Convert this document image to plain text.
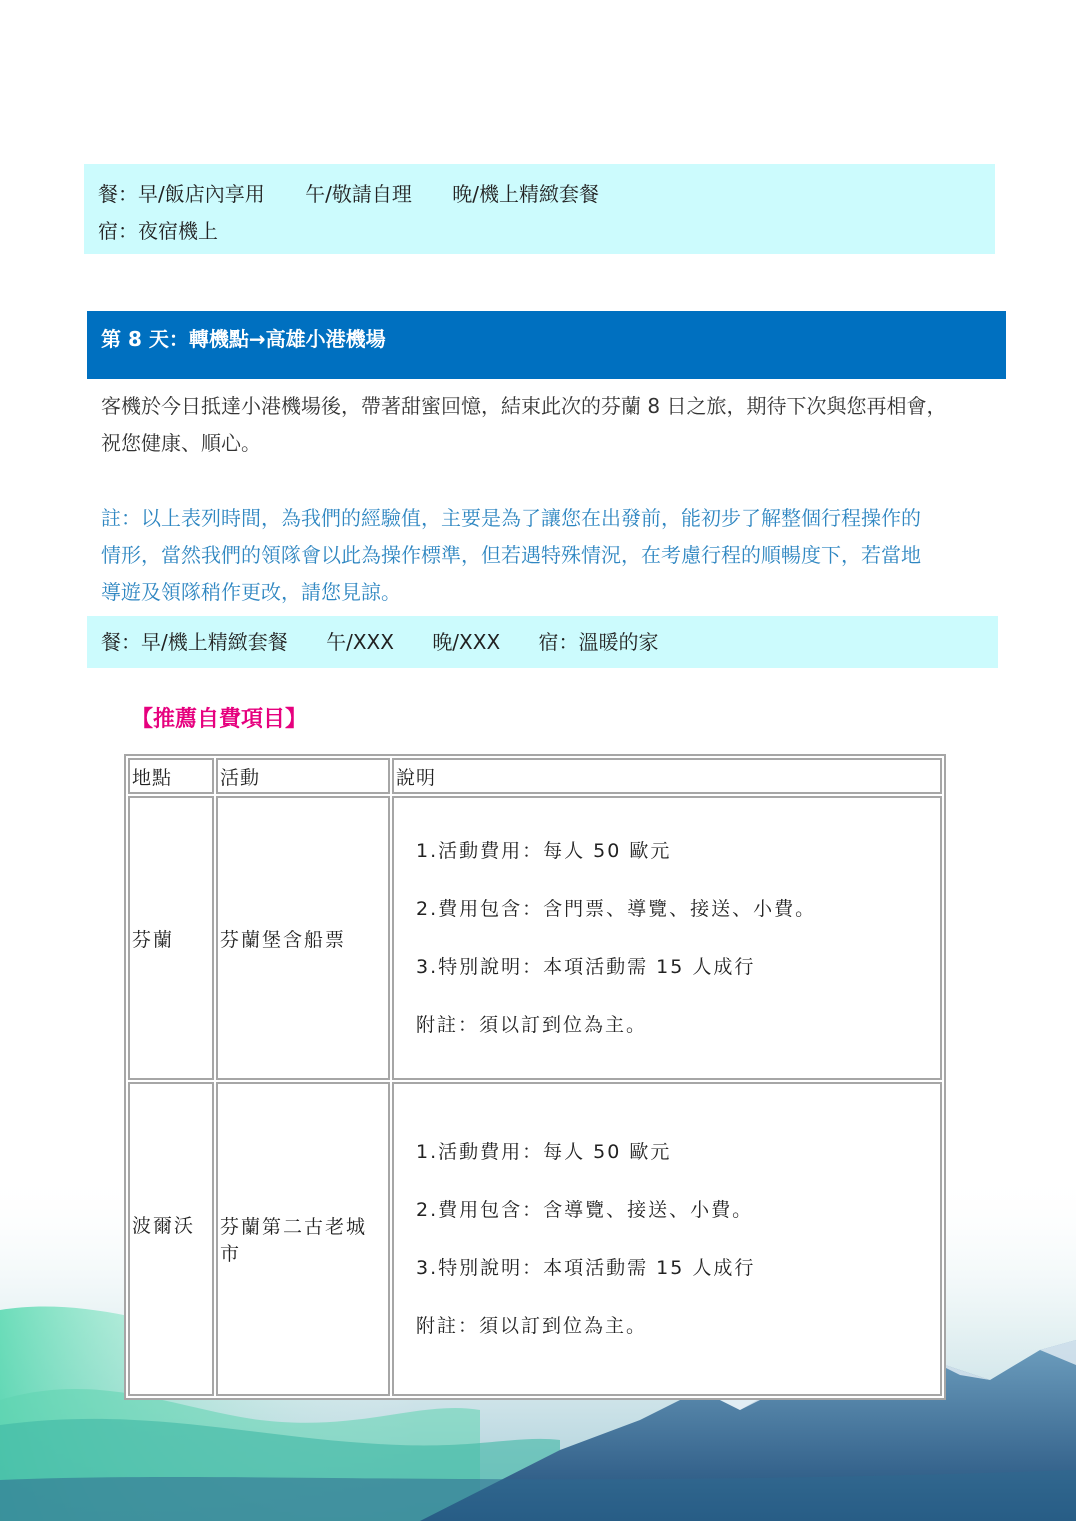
餐：早/飯店內享用 午/敬請自理 晚/機上精緻套餐
宿：夜宿機上
第 8 天：轉機點→高雄小港機場
客機於今日抵達小港機場後，帶著甜蜜回憶，結束此次的芬蘭 8 日之旅，期待下次與您再相會，
祝您健康、順心。
註：以上表列時間，為我們的經驗值，主要是為了讓您在出發前，能初步了解整個行程操作的
情形，當然我們的領隊會以此為操作標準，但若遇特殊情況，在考慮行程的順暢度下，若當地
導遊及領隊稍作更改，請您見諒。
餐：早/機上精緻套餐 午/XXX 晚/XXX 宿：溫暖的家
【推薦自費項目】
地點	活動	說明
芬蘭	芬蘭堡含船票	1.活動費用：每人 50 歐元
2.費用包含：含門票、導覽、接送、小費。
3.特別說明：本項活動需 15 人成行
附註：須以訂到位為主。

波爾沃	芬蘭第二古老城市	1.活動費用：每人 50 歐元
2.費用包含：含導覽、接送、小費。
3.特別說明：本項活動需 15 人成行
附註：須以訂到位為主。
